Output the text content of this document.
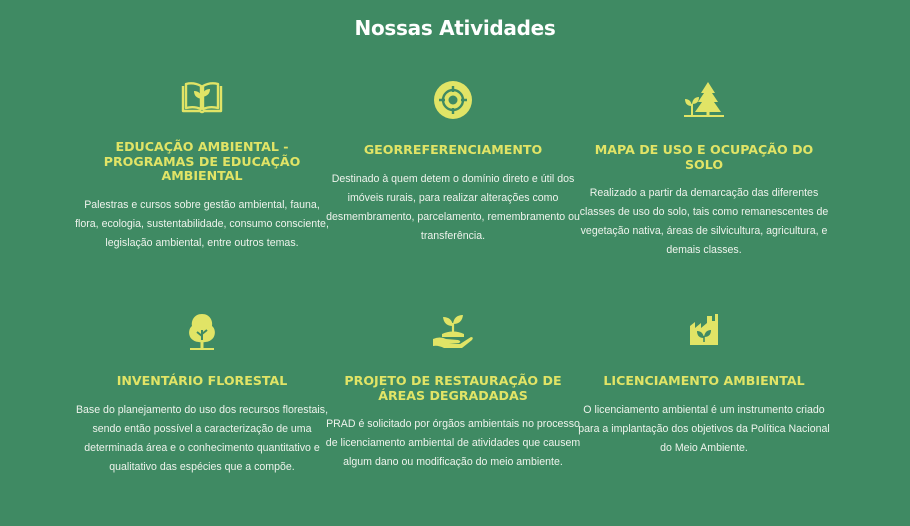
Nossas Atividades
EDUCAÇÃO AMBIENTAL - PROGRAMAS DE EDUCAÇÃO AMBIENTAL

Palestras e cursos sobre gestão ambiental, fauna, flora, ecologia, sustentabilidade, consumo consciente, legislação ambiental, entre outros temas.

GEORREFERENCIAMENTO

Destinado à quem detem o domínio direto e útil dos imóveis rurais, para realizar alterações como desmembramento, parcelamento, remembramento ou transferência.

MAPA DE USO E OCUPAÇÃO DO SOLO

Realizado a partir da demarcação das diferentes classes de uso do solo, tais como remanescentes de vegetação nativa, áreas de silvicultura, agricultura, e demais classes.

INVENTÁRIO FLORESTAL

Base do planejamento do uso dos recursos florestais, sendo então possível a caracterização de uma determinada área e o conhecimento quantitativo e qualitativo das espécies que a compõe.

PROJETO DE RESTAURAÇÃO DE ÁREAS DEGRADADAS

PRAD é solicitado por órgãos ambientais no processo de licenciamento ambiental de atividades que causem algum dano ou modificação do meio ambiente.

LICENCIAMENTO AMBIENTAL

O licenciamento ambiental é um instrumento criado para a implantação dos objetivos da Política Nacional do Meio Ambiente.
